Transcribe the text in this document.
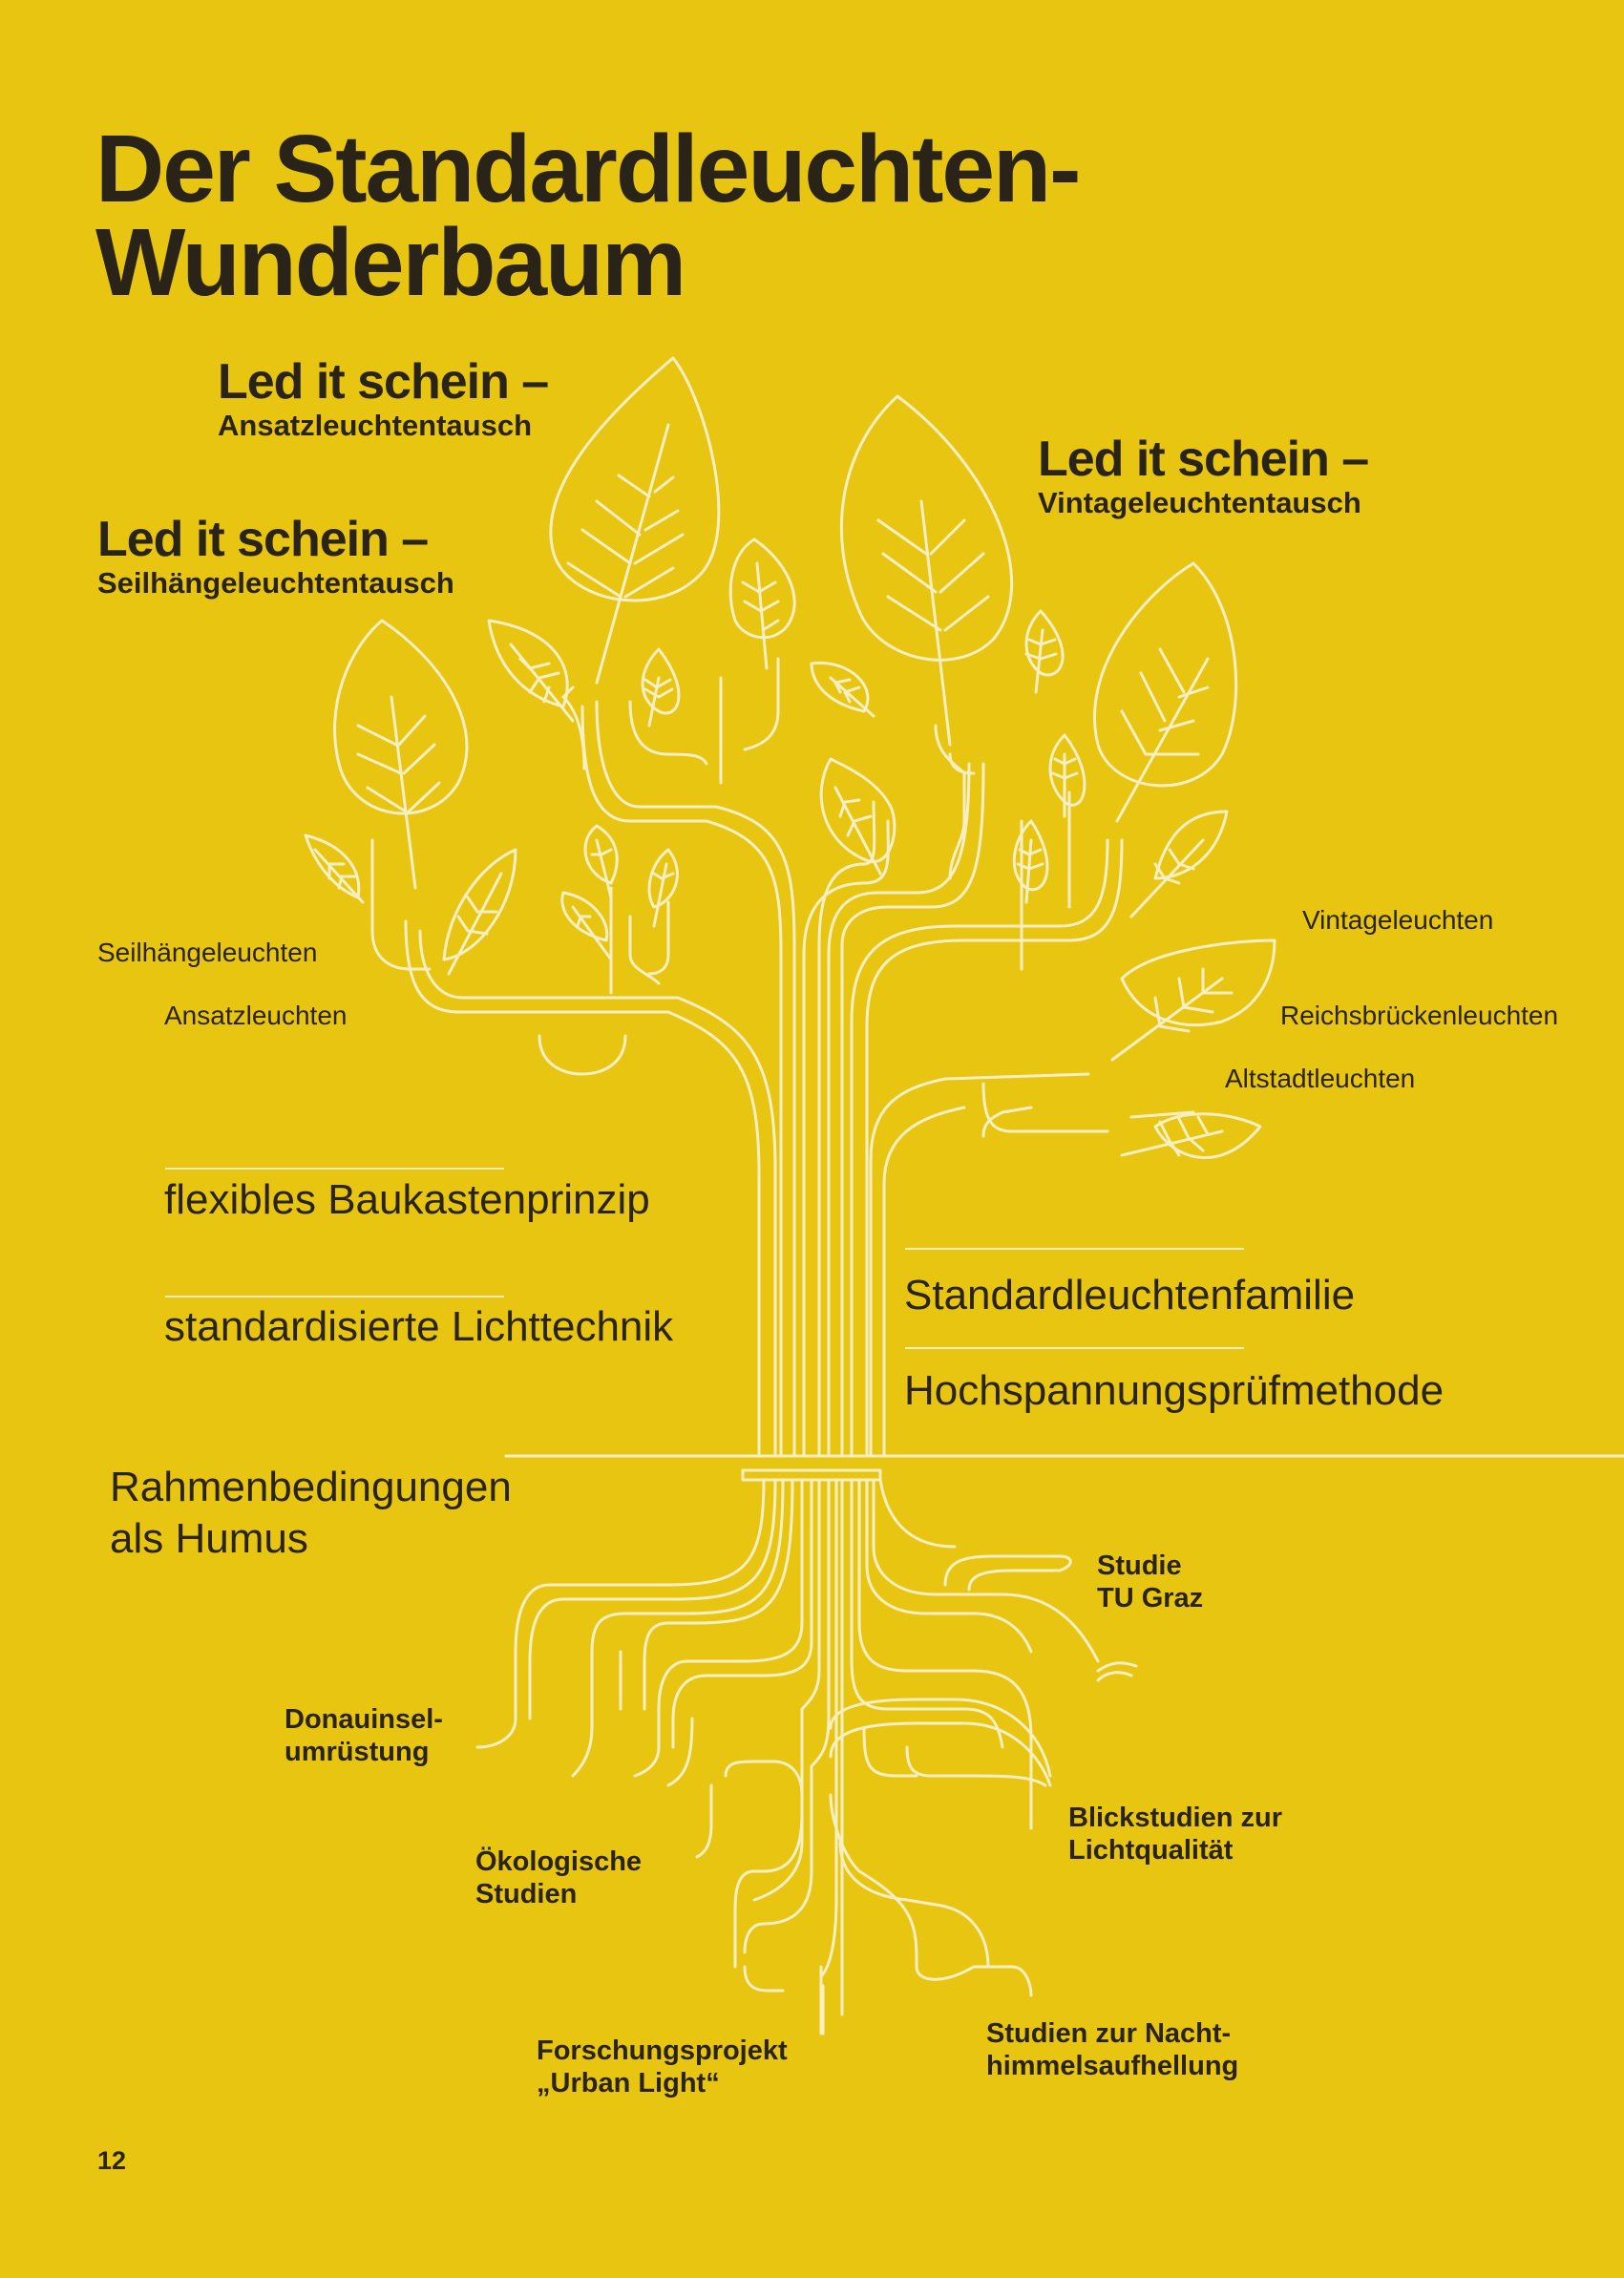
Der Standardleuchten-
Wunderbaum
Led it schein –
Ansatzleuchtentausch
Led it schein –
Seilhängeleuchtentausch
Led it schein –
Vintageleuchtentausch
Seilhängeleuchten
Ansatzleuchten
Vintageleuchten
Reichsbrückenleuchten
Altstadtleuchten
flexibles Baukastenprinzip
standardisierte Lichttechnik
Standardleuchtenfamilie
Hochspannungsprüfmethode
Rahmenbedingungen
als Humus
Studie
TU Graz
Donauinsel-
umrüstung
Blickstudien zur
Lichtqualität
Ökologische
Studien
Studien zur Nacht-
himmelsaufhellung
Forschungsprojekt
„Urban Light“
12
